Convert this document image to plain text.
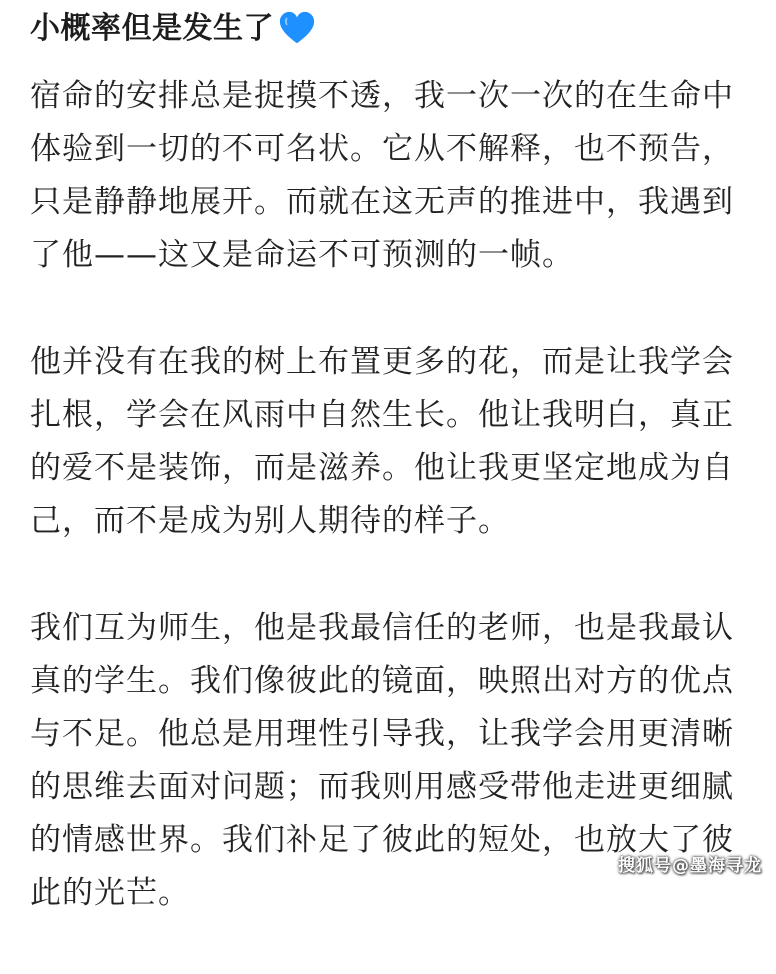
小概率但是发生了
宿命的安排总是捉摸不透，我一次一次的在生命中
体验到一切的不可名状。它从不解释，也不预告，
只是静静地展开。而就在这无声的推进中，我遇到
了他——这又是命运不可预测的一帧。
他并没有在我的树上布置更多的花，而是让我学会
扎根，学会在风雨中自然生长。他让我明白，真正
的爱不是装饰，而是滋养。他让我更坚定地成为自
己，而不是成为别人期待的样子。
我们互为师生，他是我最信任的老师，也是我最认
真的学生。我们像彼此的镜面，映照出对方的优点
与不足。他总是用理性引导我，让我学会用更清晰
的思维去面对问题；而我则用感受带他走进更细腻
的情感世界。我们补足了彼此的短处，也放大了彼
此的光芒。
搜狐号@墨海寻龙
